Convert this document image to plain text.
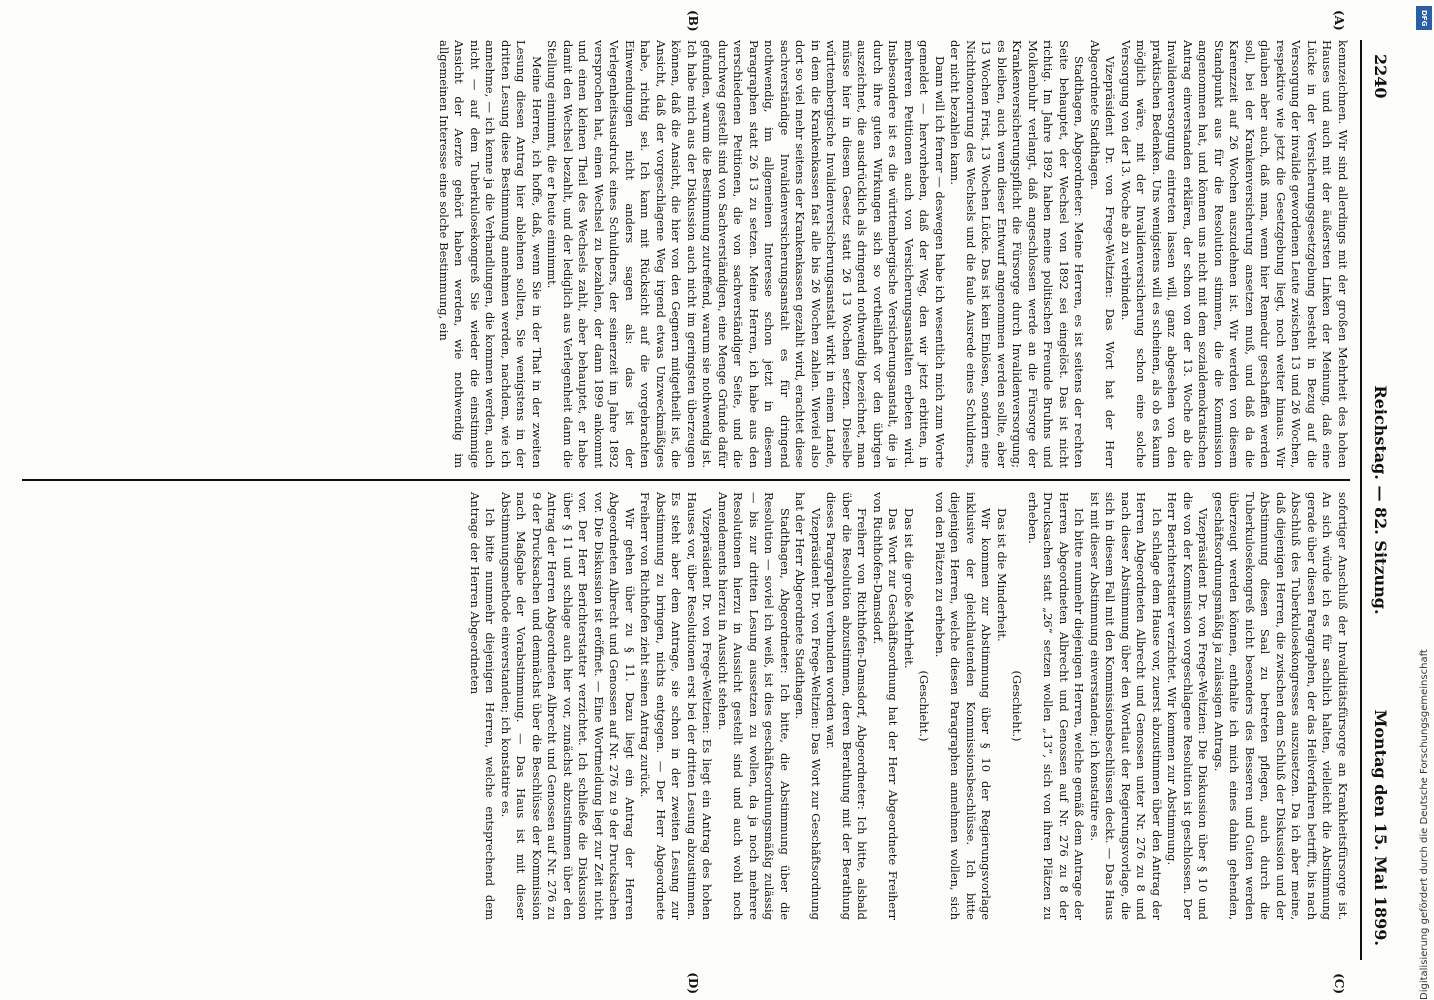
2240
Reichstag. — 82. Sitzung.
Montag den 15. Mai 1899.
(A)
(B)
(C)
(D)

kennzeichnen. Wir sind allerdings mit der großen Mehrheit des hohen Hauses und auch mit der äußersten Linken der Meinung, daß eine Lücke in der Versicherungsgesetzgebung besteht in Bezug auf die Versorgung der invalide gewordenen Leute zwischen 13 und 26 Wochen, respektive wie jetzt die Gesetzgebung liegt, noch weiter hinaus. Wir glauben aber auch, daß man, wenn hier Remedur geschaffen werden soll, bei der Krankenversicherung ansetzen muß, und daß da die Karenzzeit auf 26 Wochen auszudehnen ist. Wir werden von diesem Standpunkt aus für die Resolution stimmen, die die Kommission angenommen hat, und können uns nicht mit dem sozialdemokratischen Antrag einverstanden erklären, der schon von der 13. Woche ab die Invalidenversorgung eintreten lassen will, ganz abgesehen von den praktischen Bedenken. Uns wenigstens will es scheinen, als ob es kaum möglich wäre, mit der Invalidenversicherung schon eine solche Versorgung von der 13. Woche ab zu verbinden.

Vizepräsident Dr. von Frege-Weltzien: Das Wort hat der Herr Abgeordnete Stadthagen.

Stadthagen, Abgeordneter: Meine Herren, es ist seitens der rechten Seite behauptet, der Wechsel von 1892 sei eingelöst. Das ist nicht richtig. Im Jahre 1892 haben meine politischen Freunde Bruhns und Molkenbuhr verlangt, daß angeschlossen werde an die Fürsorge der Krankenversicherungspflicht die Fürsorge durch Invalidenversorgung; es bleiben, auch wenn dieser Entwurf angenommen werden sollte, aber 13 Wochen Frist, 13 Wochen Lücke. Das ist kein Einlösen, sondern eine Nichthonorirung des Wechsels und die faule Ausrede eines Schuldners, der nicht bezahlen kann.

Dann will ich ferner — deswegen habe ich wesentlich mich zum Worte gemeldet — hervorheben, daß der Weg, den wir jetzt erbitten, in mehreren Petitionen auch von Versicherungsanstalten erbeten wird. Insbesondere ist es die württembergische Versicherungsanstalt, die ja durch ihre guten Wirkungen sich so vortheilhaft vor den übrigen auszeichnet, die ausdrücklich als dringend nothwendig bezeichnet, man müsse hier in diesem Gesetz statt 26 13 Wochen setzen. Dieselbe württembergische Invalidenversicherungsanstalt wirkt in einem Lande, in dem die Krankenkassen fast alle bis 26 Wochen zahlen. Wieviel also dort so viel mehr seitens der Krankenkassen gezahlt wird, erachtet diese sachverständige Invalidenversicherungsanstalt es für dringend nothwendig, im allgemeinen Interesse schon jetzt in diesem Paragraphen statt 26 13 zu setzen. Meine Herren, ich habe aus den verschiedenen Petitionen, die von sachverständiger Seite, und die durchweg gestellt sind von Sachverständigen, eine Menge Gründe dafür gefunden, warum die Bestimmung zutreffend, warum sie nothwendig ist. Ich habe mich aus der Diskussion auch nicht im geringsten überzeugen können, daß die Ansicht, die hier von den Gegnern mitgetheilt ist, die Ansicht, daß der vorgeschlagene Weg irgend etwas Unzweckmäßiges habe, richtig sei. Ich kann mit Rücksicht auf die vorgebrachten Einwendungen nicht anders sagen als: das ist der Verlegenheitsausdruck eines Schuldners, der seinerzeit im Jahre 1892 versprochen hat, einen Wechsel zu bezahlen, der dann 1899 ankommt und einen kleinen Theil des Wechsels zahlt, aber behauptet, er habe damit den Wechsel bezahlt, und der lediglich aus Verlegenheit dann die Stellung einnimmt, die er heute einnimmt.

Meine Herren, ich hoffe, daß, wenn Sie in der That in der zweiten Lesung diesen Antrag hier ablehnen sollten, Sie wenigstens in der dritten Lesung diese Bestimmung annehmen werden, nachdem, wie ich annehme, — ich kenne ja die Verhandlungen, die kommen werden, auch nicht — auf dem Tuberkulosekongreß Sie wieder die einstimmige Ansicht der Aerzte gehört haben werden, wie nothwendig im allgemeinen Interesse eine solche Bestimmung, ein

sofortiger Anschluß der Invaliditätsfürsorge an Krankheitsfürsorge ist. An sich würde ich es für sachlich halten, vielleicht die Abstimmung gerade über diesen Paragraphen, der das Heilverfahren betrifft, bis nach Abschluß des Tuberkulosekongresses auszusetzen. Da ich aber meine, daß diejenigen Herren, die zwischen dem Schluß der Diskussion und der Abstimmung diesen Saal zu betreten pflegen, auch durch die Tuberkulosekongreß nicht besonders des Besseren und Guten werden überzeugt werden können, enthalte ich mich eines dahin gehenden, geschäftsordnungsmäßig ja zulässigen Antrags.

Vizepräsident Dr. von Frege-Weltzien: Die Diskussion über § 10 und die von der Kommission vorgeschlagene Resolution ist geschlossen. Der Herr Berichterstatter verzichtet. Wir kommen zur Abstimmung.

Ich schlage dem Hause vor, zuerst abzustimmen über den Antrag der Herren Abgeordneten Albrecht und Genossen unter Nr. 276 zu 8 und nach dieser Abstimmung über den Wortlaut der Regierungsvorlage, die sich in diesem Fall mit den Kommissionsbeschlüssen deckt. — Das Haus ist mit dieser Abstimmung einverstanden; ich konstatire es.

Ich bitte nunmehr diejenigen Herren, welche gemäß dem Antrage der Herren Abgeordneten Albrecht und Genossen auf Nr. 276 zu 8 der Drucksachen statt „26“ setzen wollen „13“, sich von ihren Plätzen zu erheben.

(Geschieht.)

Das ist die Minderheit.

Wir kommen zur Abstimmung über § 10 der Regierungsvorlage inklusive der gleichlautenden Kommissionsbeschlüsse. Ich bitte diejenigen Herren, welche diesen Paragraphen annehmen wollen, sich von den Plätzen zu erheben.

(Geschieht.)

Das ist die große Mehrheit.

Das Wort zur Geschäftsordnung hat der Herr Abgeordnete Freiherr von Richthofen-Damsdorf.

Freiherr von Richthofen-Damsdorf, Abgeordneter: Ich bitte, alsbald über die Resolution abzustimmen, deren Berathung mit der Berathung dieses Paragraphen verbunden worden war.

Vizepräsident Dr. von Frege-Weltzien: Das Wort zur Geschäftsordnung hat der Herr Abgeordnete Stadthagen.

Stadthagen, Abgeordneter: Ich bitte, die Abstimmung über die Resolution — soviel ich weiß, ist dies geschäftsordnungsmäßig zulässig — bis zur dritten Lesung aussetzen zu wollen, da ja noch mehrere Resolutionen hierzu in Aussicht gestellt sind und auch wohl noch Amendements hierzu in Aussicht stehen.

Vizepräsident Dr. von Frege-Weltzien: Es liegt ein Antrag des hohen Hauses vor, über Resolutionen erst bei der dritten Lesung abzustimmen. Es steht aber dem Antrage, sie schon in der zweiten Lesung zur Abstimmung zu bringen, nichts entgegen. — Der Herr Abgeordnete Freiherr von Richthofen zieht seinen Antrag zurück.

Wir gehen über zu § 11. Dazu liegt ein Antrag der Herren Abgeordneten Albrecht und Genossen auf Nr. 276 zu 9 der Drucksachen vor. Die Diskussion ist eröffnet. — Eine Wortmeldung liegt zur Zeit nicht vor. Der Herr Berichterstatter verzichtet. Ich schließe die Diskussion über § 11 und schlage auch hier vor, zunächst abzustimmen über den Antrag der Herren Abgeordneten Albrecht und Genossen auf Nr. 276 zu 9 der Drucksachen und demnächst über die Beschlüsse der Kommission nach Maßgabe der Vorabstimmung. — Das Haus ist mit dieser Abstimmungsmethode einverstanden; ich konstatire es.

Ich bitte nunmehr diejenigen Herren, welche entsprechend dem Antrage der Herren Abgeordneten

Digitalisierung gefördert durch die Deutsche Forschungsgemeinschaft
DFG
